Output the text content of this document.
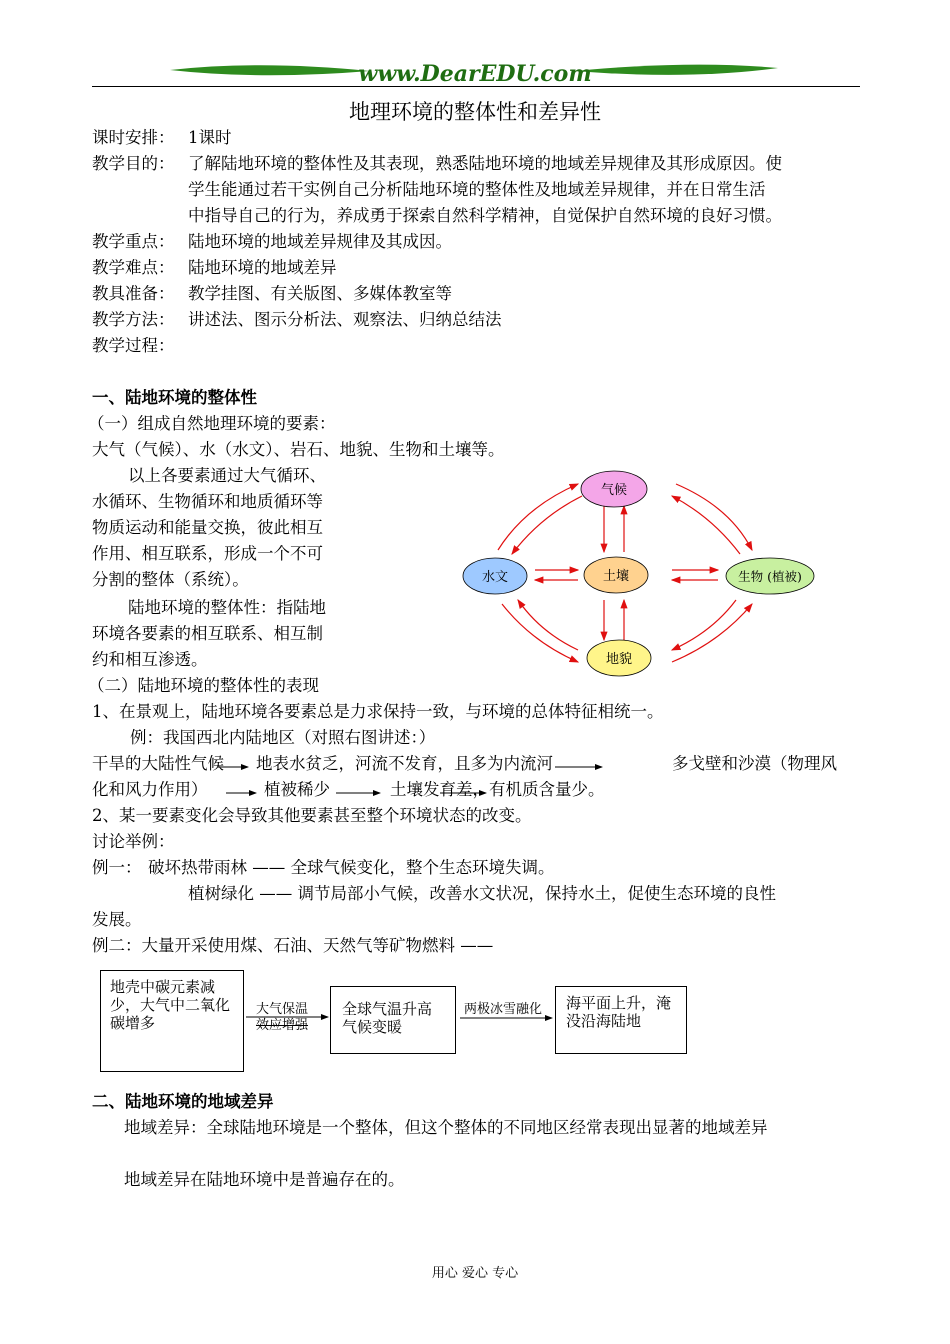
www.DearEDU.com
地理环境的整体性和差异性
课时安排： 1课时
教学目的： 了解陆地环境的整体性及其表现，熟悉陆地环境的地域差异规律及其形成原因。使
学生能通过若干实例自己分析陆地环境的整体性及地域差异规律，并在日常生活
中指导自己的行为，养成勇于探索自然科学精神，自觉保护自然环境的良好习惯。
教学重点： 陆地环境的地域差异规律及其成因。
教学难点： 陆地环境的地域差异
教具准备： 教学挂图、有关版图、多媒体教室等
教学方法： 讲述法、图示分析法、观察法、归纳总结法
教学过程：
一、陆地环境的整体性
（一）组成自然地理环境的要素：
大气（气候）、水（水文）、岩石、地貌、生物和土壤等。
以上各要素通过大气循环、
水循环、生物循环和地质循环等
物质运动和能量交换，彼此相互
作用、相互联系，形成一个不可
分割的整体（系统）。
陆地环境的整体性：指陆地
环境各要素的相互联系、相互制
约和相互渗透。
（二）陆地环境的整体性的表现
1、在景观上，陆地环境各要素总是力求保持一致，与环境的总体特征相统一。
例：我国西北内陆地区（对照右图讲述：）
干旱的大陆性气候 地表水贫乏，河流不发育，且多为内流河	多戈壁和沙漠（物理风
化和风力作用）	植被稀少	土壤发育差，有机质含量少。
2、某一要素变化会导致其他要素甚至整个环境状态的改变。
讨论举例：
例一： 破坏热带雨林 —— 全球气候变化，整个生态环境失调。
植树绿化 —— 调节局部小气候，改善水文状况，保持水土，促使生态环境的良性
发展。
例二：大量开采使用煤、石油、天然气等矿物燃料 ——
气候
水文	土壤	生物 (植被)
地貌
地壳中碳元素减少，大气中二氧化碳增多
大气保温
效应增强
全球气温升高气候变暖
两极冰雪融化 海平面上升，淹没沿海陆地
二、陆地环境的地域差异
地域差异：全球陆地环境是一个整体，但这个整体的不同地区经常表现出显著的地域差异
地域差异在陆地环境中是普遍存在的。
用心 爱心 专心
